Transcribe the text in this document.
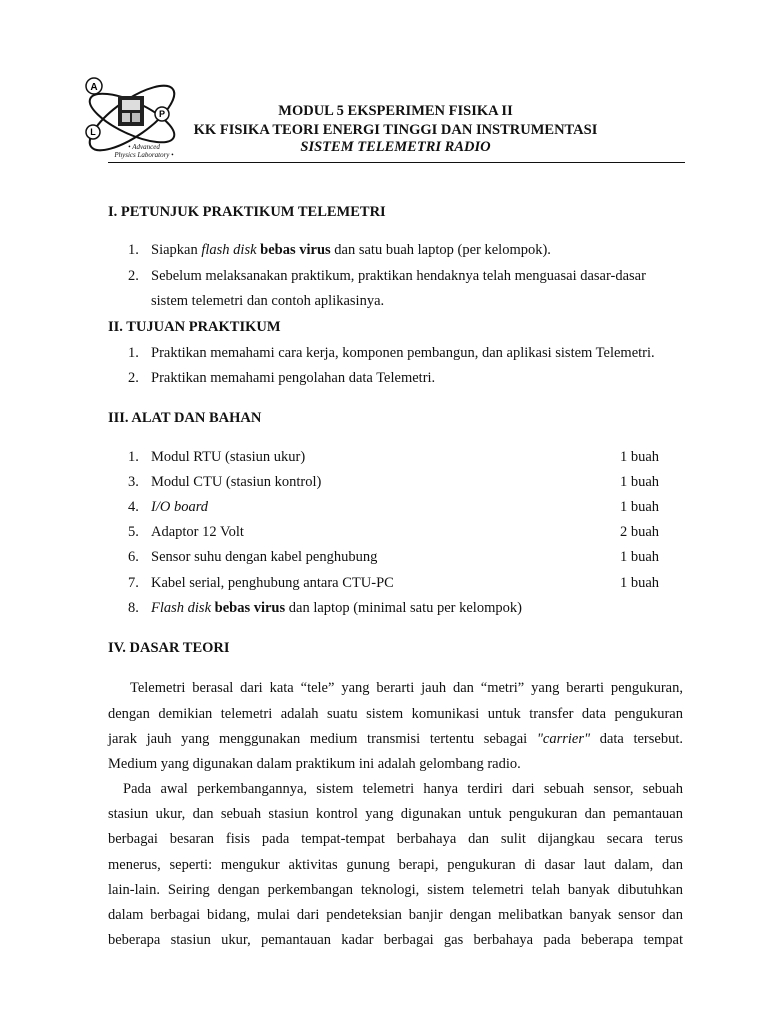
A
P
L
• Advanced
Physics Laboratory •
MODUL 5 EKSPERIMEN FISIKA II
KK FISIKA TEORI ENERGI TINGGI DAN INSTRUMENTASI
SISTEM TELEMETRI RADIO
I. PETUNJUK PRAKTIKUM TELEMETRI
1. Siapkan flash disk bebas virus dan satu buah laptop (per kelompok).
2. Sebelum melaksanakan praktikum, praktikan hendaknya telah menguasai dasar-dasar
sistem telemetri dan contoh aplikasinya.
II. TUJUAN PRAKTIKUM
1. Praktikan memahami cara kerja, komponen pembangun, dan aplikasi sistem Telemetri.
2. Praktikan memahami pengolahan data Telemetri.
III. ALAT DAN BAHAN
1. Modul RTU (stasiun ukur)	1 buah
3. Modul CTU (stasiun kontrol)	1 buah
4. I/O board	1 buah
5. Adaptor 12 Volt	2 buah
6. Sensor suhu dengan kabel penghubung	1 buah
7. Kabel serial, penghubung antara CTU-PC	1 buah
8. Flash disk bebas virus dan laptop (minimal satu per kelompok)
IV. DASAR TEORI
Telemetri berasal dari kata “tele” yang berarti jauh dan “metri” yang berarti pengukuran,
dengan demikian telemetri adalah suatu sistem komunikasi untuk transfer data pengukuran
jarak jauh yang menggunakan medium transmisi tertentu sebagai "carrier" data tersebut.
Medium yang digunakan dalam praktikum ini adalah gelombang radio.
Pada awal perkembangannya, sistem telemetri hanya terdiri dari sebuah sensor, sebuah
stasiun ukur, dan sebuah stasiun kontrol yang digunakan untuk pengukuran dan pemantauan
berbagai besaran fisis pada tempat-tempat berbahaya dan sulit dijangkau secara terus
menerus, seperti: mengukur aktivitas gunung berapi, pengukuran di dasar laut dalam, dan
lain-lain. Seiring dengan perkembangan teknologi, sistem telemetri telah banyak dibutuhkan
dalam berbagai bidang, mulai dari pendeteksian banjir dengan melibatkan banyak sensor dan
beberapa stasiun ukur, pemantauan kadar berbagai gas berbahaya pada beberapa tempat
